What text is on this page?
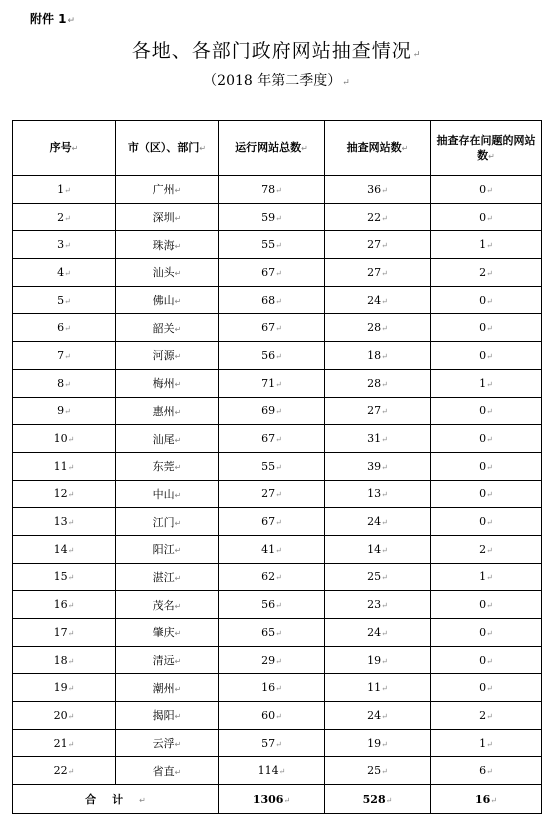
附件 1↵
各地、各部门政府网站抽查情况↵
（2018 年第二季度）↵
序号↵	市（区）、部门↵	运行网站总数↵	抽查网站数↵	抽查存在问题的网站数↵
1↵	广州↵	78↵	36↵	0↵
2↵	深圳↵	59↵	22↵	0↵
3↵	珠海↵	55↵	27↵	1↵
4↵	汕头↵	67↵	27↵	2↵
5↵	佛山↵	68↵	24↵	0↵
6↵	韶关↵	67↵	28↵	0↵
7↵	河源↵	56↵	18↵	0↵
8↵	梅州↵	71↵	28↵	1↵
9↵	惠州↵	69↵	27↵	0↵
10↵	汕尾↵	67↵	31↵	0↵
11↵	东莞↵	55↵	39↵	0↵
12↵	中山↵	27↵	13↵	0↵
13↵	江门↵	67↵	24↵	0↵
14↵	阳江↵	41↵	14↵	2↵
15↵	湛江↵	62↵	25↵	1↵
16↵	茂名↵	56↵	23↵	0↵
17↵	肇庆↵	65↵	24↵	0↵
18↵	清远↵	29↵	19↵	0↵
19↵	潮州↵	16↵	11↵	0↵
20↵	揭阳↵	60↵	24↵	2↵
21↵	云浮↵	57↵	19↵	1↵
22↵	省直↵	114↵	25↵	6↵
合计↵		1306↵	528↵	16↵
